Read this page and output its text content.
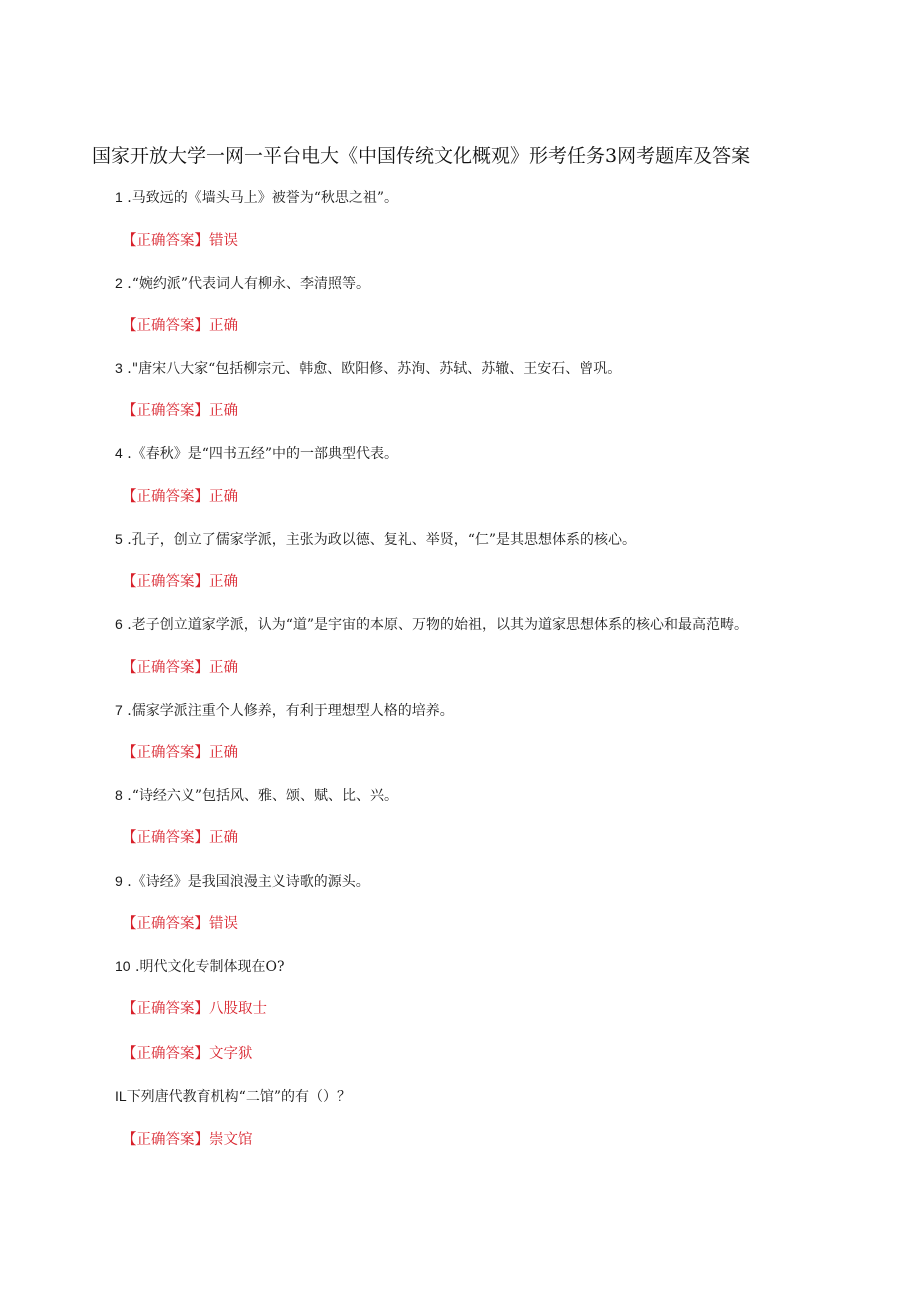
国家开放大学一网一平台电大《中国传统文化概观》形考任务3网考题库及答案
1 .马致远的《墙头马上》被誉为“秋思之祖”。
【正确答案】错误
2 .“婉约派”代表词人有柳永、李清照等。
【正确答案】正确
3 ."唐宋八大家“包括柳宗元、韩愈、欧阳修、苏洵、苏轼、苏辙、王安石、曾巩。
【正确答案】正确
4 .《春秋》是“四书五经”中的一部典型代表。
【正确答案】正确
5 .孔子，创立了儒家学派，主张为政以德、复礼、举贤，“仁”是其思想体系的核心。
【正确答案】正确
6 .老子创立道家学派，认为“道”是宇宙的本原、万物的始祖，以其为道家思想体系的核心和最高范畴。
【正确答案】正确
7 .儒家学派注重个人修养，有利于理想型人格的培养。
【正确答案】正确
8 .“诗经六义”包括风、雅、颂、赋、比、兴。
【正确答案】正确
9 .《诗经》是我国浪漫主义诗歌的源头。
【正确答案】错误
10 .明代文化专制体现在O?
【正确答案】八股取士
【正确答案】文字狱
IL下列唐代教育机构“二馆”的有（）？
【正确答案】崇文馆
